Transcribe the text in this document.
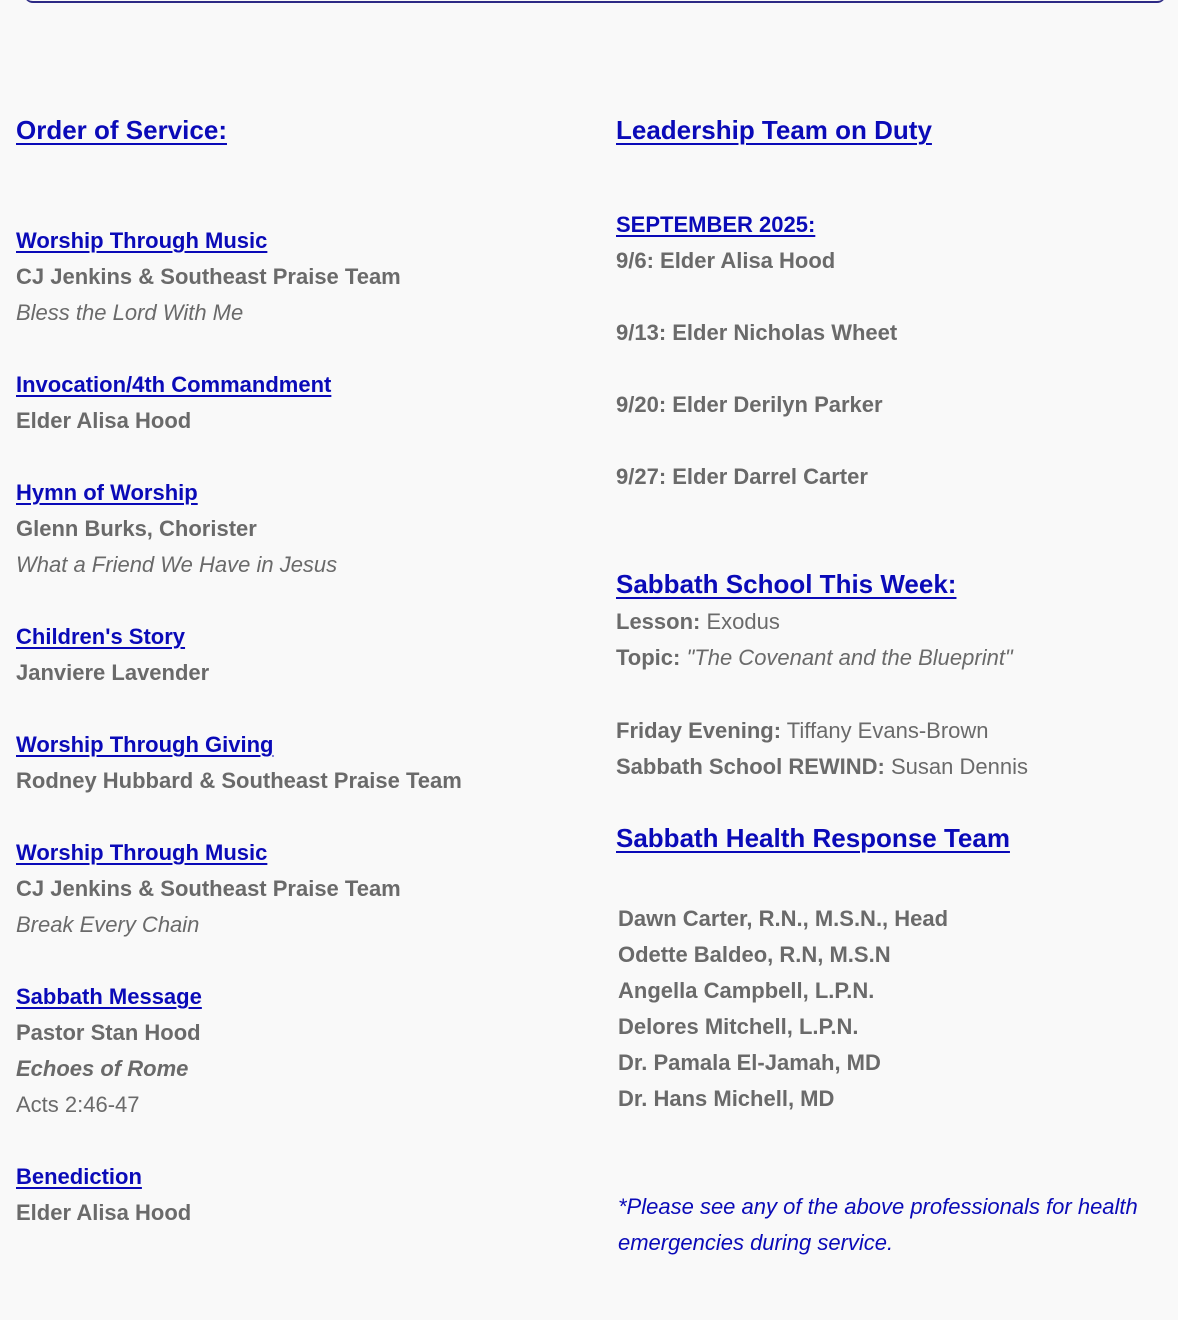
Order of Service:
Worship Through Music
CJ Jenkins & Southeast Praise Team
Bless the Lord With Me
Invocation/4th Commandment
Elder Alisa Hood
Hymn of Worship
Glenn Burks, Chorister
What a Friend We Have in Jesus
Children's Story
Janviere Lavender
Worship Through Giving
Rodney Hubbard & Southeast Praise Team
Worship Through Music
CJ Jenkins & Southeast Praise Team
Break Every Chain
Sabbath Message
Pastor Stan Hood
Echoes of Rome
Acts 2:46-47
Benediction
Elder Alisa Hood
Leadership Team on Duty
SEPTEMBER 2025:
9/6: Elder Alisa Hood
9/13: Elder Nicholas Wheet
9/20: Elder Derilyn Parker
9/27: Elder Darrel Carter
Sabbath School This Week:
Lesson: Exodus
Topic: "The Covenant and the Blueprint"
Friday Evening: Tiffany Evans-Brown
Sabbath School REWIND: Susan Dennis
Sabbath Health Response Team
Dawn Carter, R.N., M.S.N., Head
Odette Baldeo, R.N, M.S.N
Angella Campbell, L.P.N.
Delores Mitchell, L.P.N.
Dr. Pamala El-Jamah, MD
Dr. Hans Michell, MD
*Please see any of the above professionals for health emergencies during service.
